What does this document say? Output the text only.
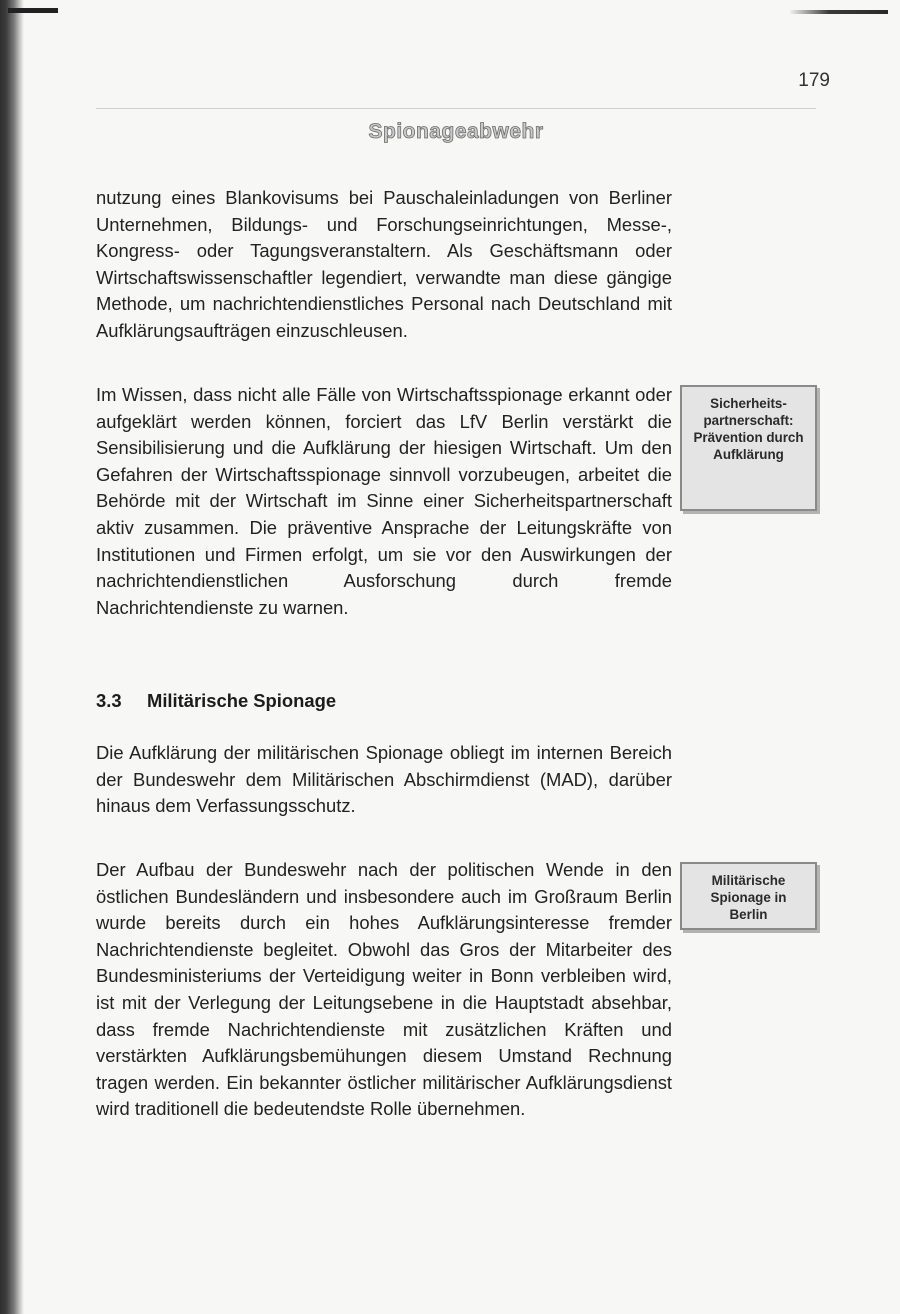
179
Spionageabwehr

nutzung eines Blankovisums bei Pauschaleinladungen von Berliner Unternehmen, Bildungs- und Forschungseinrichtungen, Messe-, Kongress- oder Tagungsveranstaltern. Als Geschäftsmann oder Wirtschaftswissenschaftler legendiert, verwandte man diese gängige Methode, um nachrichtendienstliches Personal nach Deutschland mit Aufklärungsaufträgen einzuschleusen.

Im Wissen, dass nicht alle Fälle von Wirtschaftsspionage erkannt oder aufgeklärt werden können, forciert das LfV Berlin verstärkt die Sensibilisierung und die Aufklärung der hiesigen Wirtschaft. Um den Gefahren der Wirtschaftsspionage sinnvoll vorzubeugen, arbeitet die Behörde mit der Wirtschaft im Sinne einer Sicherheitspartnerschaft aktiv zusammen. Die präventive Ansprache der Leitungskräfte von Institutionen und Firmen erfolgt, um sie vor den Auswirkungen der nachrichtendienstlichen Ausforschung durch fremde Nachrichtendienste zu warnen.

Sicherheits-
partnerschaft:
Prävention durch
Aufklärung
3.3 Militärische Spionage

Die Aufklärung der militärischen Spionage obliegt im internen Bereich der Bundeswehr dem Militärischen Abschirmdienst (MAD), darüber hinaus dem Verfassungsschutz.

Der Aufbau der Bundeswehr nach der politischen Wende in den östlichen Bundesländern und insbesondere auch im Großraum Berlin wurde bereits durch ein hohes Aufklärungsinteresse fremder Nachrichtendienste begleitet. Obwohl das Gros der Mitarbeiter des Bundesministeriums der Verteidigung weiter in Bonn verbleiben wird, ist mit der Verlegung der Leitungsebene in die Hauptstadt absehbar, dass fremde Nachrichtendienste mit zusätzlichen Kräften und verstärkten Aufklärungsbemühungen diesem Umstand Rechnung tragen werden. Ein bekannter östlicher militärischer Aufklärungsdienst wird traditionell die bedeutendste Rolle übernehmen.

Militärische
Spionage in
Berlin
